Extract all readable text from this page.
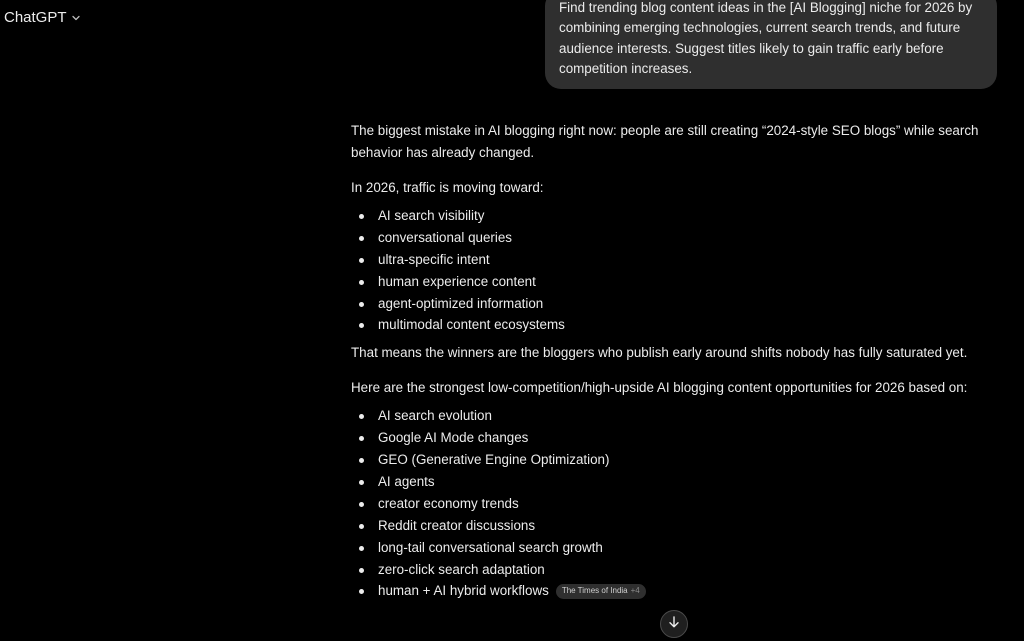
ChatGPT
Find trending blog content ideas in the [AI Blogging] niche for 2026 by combining emerging technologies, current search trends, and future audience interests. Suggest titles likely to gain traffic early before competition increases.

The biggest mistake in AI blogging right now: people are still creating “2024-style SEO blogs” while search behavior has already changed.

In 2026, traffic is moving toward:

AI search visibility
conversational queries
ultra-specific intent
human experience content
agent-optimized information
multimodal content ecosystems

That means the winners are the bloggers who publish early around shifts nobody has fully saturated yet.

Here are the strongest low-competition/high-upside AI blogging content opportunities for 2026 based on:

AI search evolution
Google AI Mode changes
GEO (Generative Engine Optimization)
AI agents
creator economy trends
Reddit creator discussions
long-tail conversational search growth
zero-click search adaptation
human + AI hybrid workflows The Times of India +4
